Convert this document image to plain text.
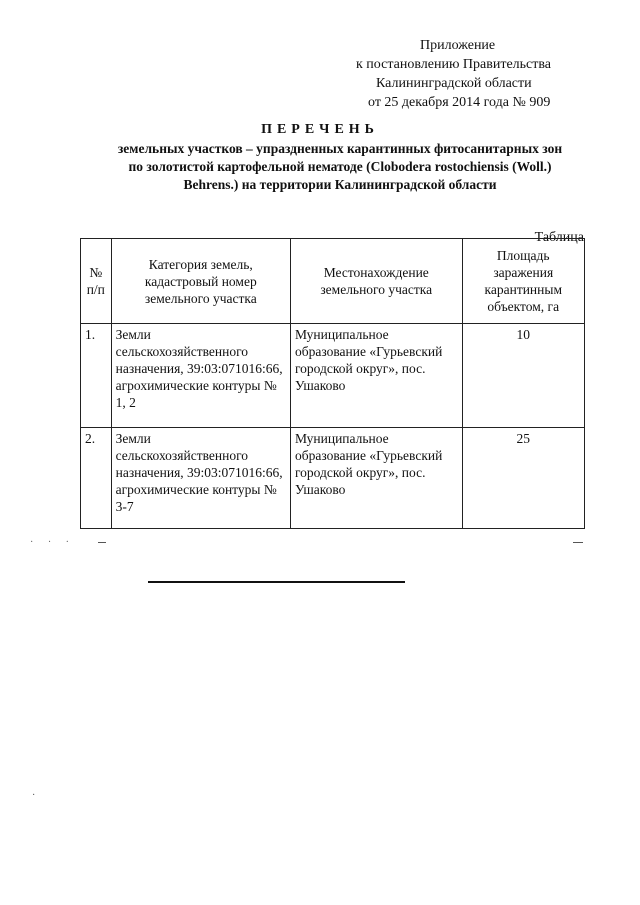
Приложение
к постановлению Правительства
Калининградской области
от 25 декабря 2014 года № 909
ПЕРЕЧЕНЬ
земельных участков – упраздненных карантинных фитосанитарных зон
по золотистой картофельной нематоде (Clobodera rostochiensis (Woll.)
Behrens.) на территории Калининградской области
Таблица
№ п/п	Категория земель, кадастровый номер земельного участка	Местонахождение земельного участка	Площадь заражения карантинным объектом, га
1.	Земли сельскохозяйственного назначения, 39:03:071016:66, агрохимические контуры № 1, 2	Муниципальное образование «Гурьевский городской округ», пос. Ушаково	10
2.	Земли сельскохозяйственного назначения, 39:03:071016:66, агрохимические контуры № 3-7	Муниципальное образование «Гурьевский городской округ», пос. Ушаково	25
· · ·
·
